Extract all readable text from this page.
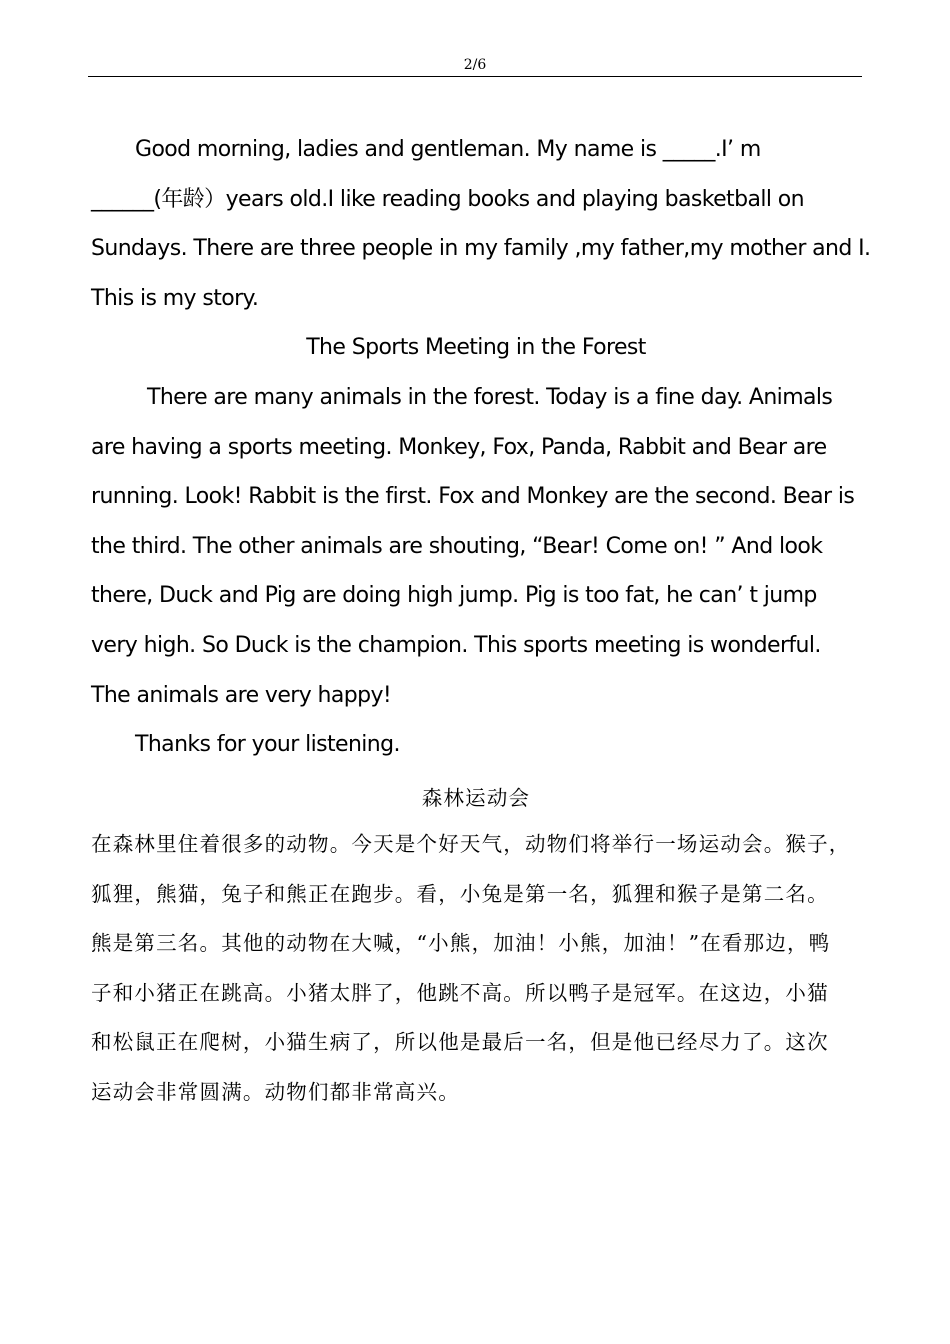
2/6
Good morning, ladies and gentleman. My name is _____.I’ m
______(年龄）years old.I like reading books and playing basketball on
Sundays. There are three people in my family ,my father,my mother and I.
This is my story.
The Sports Meeting in the Forest
There are many animals in the forest. Today is a fine day. Animals
are having a sports meeting. Monkey, Fox, Panda, Rabbit and Bear are
running. Look! Rabbit is the first. Fox and Monkey are the second. Bear is
the third. The other animals are shouting, “Bear! Come on! ” And look
there, Duck and Pig are doing high jump. Pig is too fat, he can’ t jump
very high. So Duck is the champion. This sports meeting is wonderful.
The animals are very happy!
Thanks for your listening.
森林运动会
在森林里住着很多的动物。今天是个好天气，动物们将举行一场运动会。猴子，
狐狸，熊猫，兔子和熊正在跑步。看，小兔是第一名，狐狸和猴子是第二名。
熊是第三名。其他的动物在大喊，“小熊，加油！小熊，加油！”在看那边，鸭
子和小猪正在跳高。小猪太胖了，他跳不高。所以鸭子是冠军。在这边，小猫
和松鼠正在爬树，小猫生病了，所以他是最后一名，但是他已经尽力了。这次
运动会非常圆满。动物们都非常高兴。
